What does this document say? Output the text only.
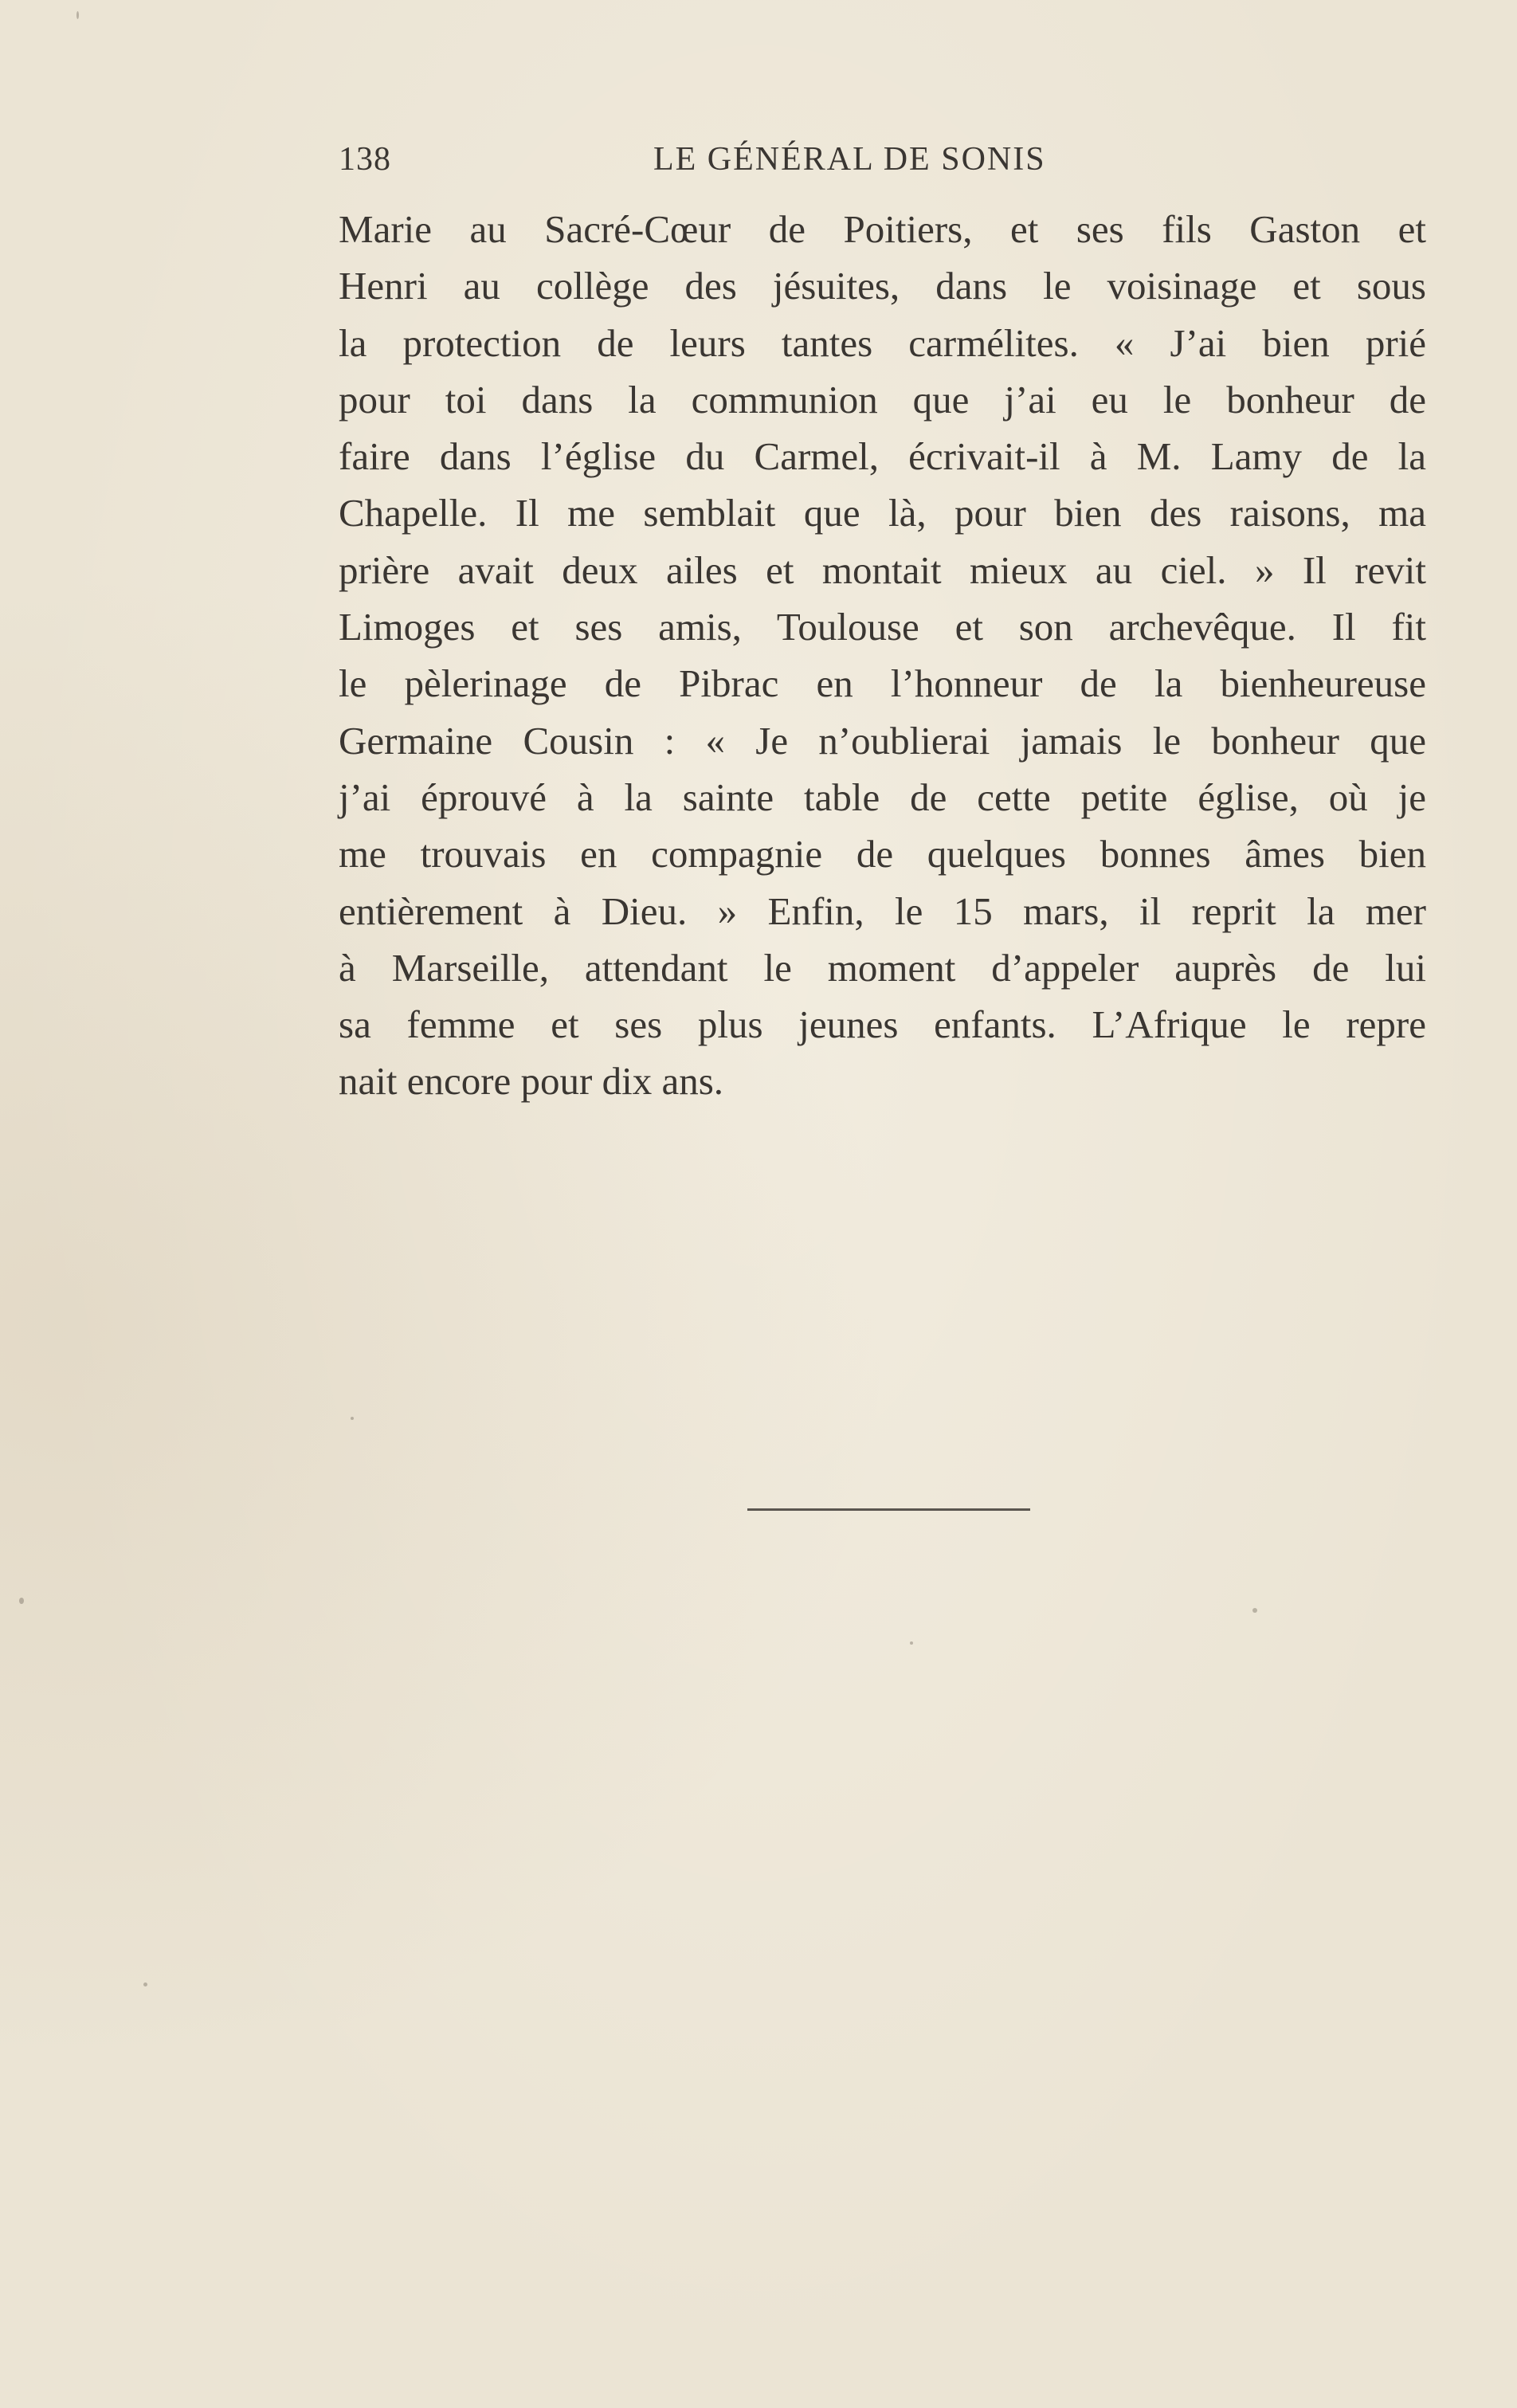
138	LE GÉNÉRAL DE SONIS
Marie au Sacré-Cœur de Poitiers, et ses fils Gaston et
Henri au collège des jésuites, dans le voisinage et sous
la protection de leurs tantes carmélites. « J’ai bien prié
pour toi dans la communion que j’ai eu le bonheur de
faire dans l’église du Carmel, écrivait-il à M. Lamy de la
Chapelle. Il me semblait que là, pour bien des raisons, ma
prière avait deux ailes et montait mieux au ciel. » Il revit
Limoges et ses amis, Toulouse et son archevêque. Il fit
le pèlerinage de Pibrac en l’honneur de la bienheureuse
Germaine Cousin : « Je n’oublierai jamais le bonheur que
j’ai éprouvé à la sainte table de cette petite église, où je
me trouvais en compagnie de quelques bonnes âmes bien
entièrement à Dieu. » Enfin, le 15 mars, il reprit la mer
à Marseille, attendant le moment d’appeler auprès de lui
sa femme et ses plus jeunes enfants. L’Afrique le repre
nait encore pour dix ans.
